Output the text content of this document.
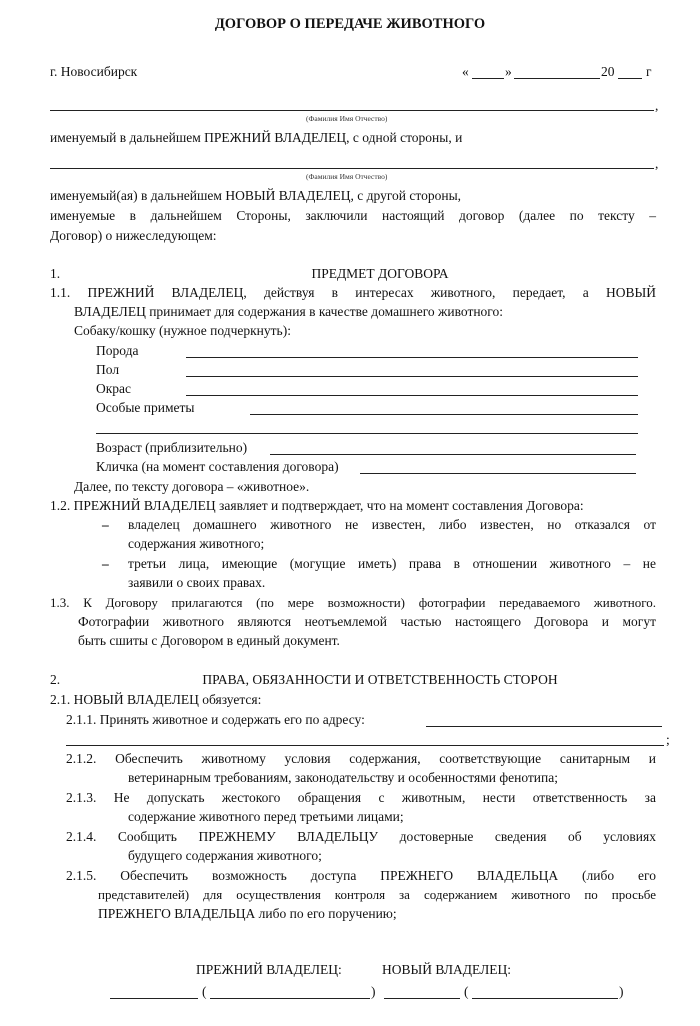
ДОГОВОР О ПЕРЕДАЧЕ ЖИВОТНОГО
г. Новосибирск	«	»	20 г
,
(Фамилия Имя Отчество)
именуемый в дальнейшем ПРЕЖНИЙ ВЛАДЕЛЕЦ, с одной стороны, и
,
(Фамилия Имя Отчество)
именуемый(ая) в дальнейшем НОВЫЙ ВЛАДЕЛЕЦ, с другой стороны,
именуемые в дальнейшем Стороны, заключили настоящий договор (далее по тексту –
Договор) о нижеследующем:
1.	ПРЕДМЕТ ДОГОВОРА
1.1. ПРЕЖНИЙ ВЛАДЕЛЕЦ, действуя в интересах животного, передает, а НОВЫЙ
ВЛАДЕЛЕЦ принимает для содержания в качестве домашнего животного:
Собаку/кошку (нужное подчеркнуть):
Порода
Пол
Окрас
Особые приметы
Возраст (приблизительно)
Кличка (на момент составления договора)
Далее, по тексту договора – «животное».
1.2. ПРЕЖНИЙ ВЛАДЕЛЕЦ заявляет и подтверждает, что на момент составления Договора:
– владелец домашнего животного не известен, либо известен, но отказался от
содержания животного;
– третьи лица, имеющие (могущие иметь) права в отношении животного – не
заявили о своих правах.
1.3. К Договору прилагаются (по мере возможности) фотографии передаваемого животного.
Фотографии животного являются неотъемлемой частью настоящего Договора и могут
быть сшиты с Договором в единый документ.
2.	ПРАВА, ОБЯЗАННОСТИ И ОТВЕТСТВЕННОСТЬ СТОРОН
2.1. НОВЫЙ ВЛАДЕЛЕЦ обязуется:
2.1.1. Принять животное и содержать его по адресу:
;
2.1.2. Обеспечить животному условия содержания, соответствующие санитарным и
ветеринарным требованиям, законодательству и особенностями фенотипа;
2.1.3. Не допускать жестокого обращения с животным, нести ответственность за
содержание животного перед третьими лицами;
2.1.4. Сообщить ПРЕЖНЕМУ ВЛАДЕЛЬЦУ достоверные сведения об условиях
будущего содержания животного;
2.1.5. Обеспечить возможность доступа ПРЕЖНЕГО ВЛАДЕЛЬЦА (либо его
представителей) для осуществления контроля за содержанием животного по просьбе
ПРЕЖНЕГО ВЛАДЕЛЬЦА либо по его поручению;
ПРЕЖНИЙ ВЛАДЕЛЕЦ:	НОВЫЙ ВЛАДЕЛЕЦ:
(	)	(	)
